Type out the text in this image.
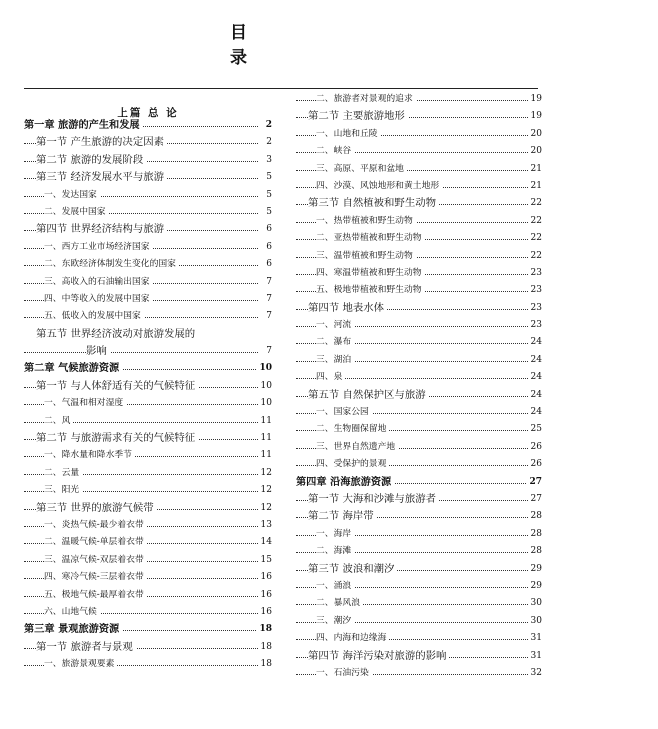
目 录
上篇 总 论
第一章 旅游的产生和发展	2
第一节 产生旅游的决定因素	2
第二节 旅游的发展阶段	3
第三节 经济发展水平与旅游	5
一、发达国家	5
二、发展中国家	5
第四节 世界经济结构与旅游	6
一、西方工业市场经济国家	6
二、东欧经济体制发生变化的国家	6
三、高收入的石油输出国家	7
四、中等收入的发展中国家	7
五、低收入的发展中国家	7
第五节 世界经济波动对旅游发展的
影响	7
第二章 气候旅游资源	10
第一节 与人体舒适有关的气候特征	10
一、气温和相对湿度	10
二、风	11
第二节 与旅游需求有关的气候特征	11
一、降水量和降水季节	11
二、云量	12
三、阳光	12
第三节 世界的旅游气候带	12
一、炎热气候-最少着衣带	13
二、温暖气候-单层着衣带	14
三、温凉气候-双层着衣带	15
四、寒冷气候-三层着衣带	16
五、极地气候-最厚着衣带	16
六、山地气候	16
第三章 景观旅游资源	18
第一节 旅游者与景观	18
一、旅游景观要素	18
二、旅游者对景观的追求	19
第二节 主要旅游地形	19
一、山地和丘陵	20
二、峡谷	20
三、高原、平原和盆地	21
四、沙漠、风蚀地形和黄土地形	21
第三节 自然植被和野生动物	22
一、热带植被和野生动物	22
二、亚热带植被和野生动物	22
三、温带植被和野生动物	22
四、寒温带植被和野生动物	23
五、极地带植被和野生动物	23
第四节 地表水体	23
一、河流	23
二、瀑布	24
三、湖泊	24
四、泉	24
第五节 自然保护区与旅游	24
一、国家公园	24
二、生物圈保留地	25
三、世界自然遗产地	26
四、受保护的景观	26
第四章 沿海旅游资源	27
第一节 大海和沙滩与旅游者	27
第二节 海岸带	28
一、海岸	28
二、海滩	28
第三节 波浪和潮汐	29
一、涌浪	29
二、暴风浪	30
三、潮汐	30
四、内海和边缘海	31
第四节 海洋污染对旅游的影响	31
一、石油污染	32
